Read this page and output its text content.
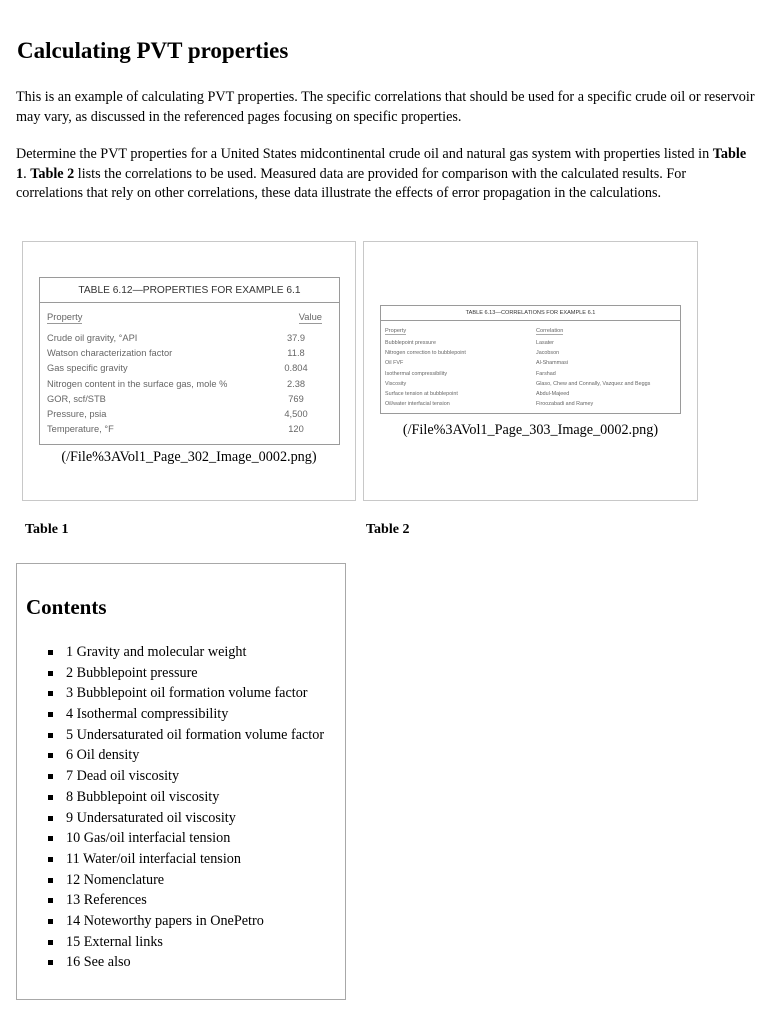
Calculating PVT properties

This is an example of calculating PVT properties. The specific correlations that should be used for a specific crude oil or reservoir may vary, as discussed in the referenced pages focusing on specific properties.

Determine the PVT properties for a United States midcontinental crude oil and natural gas system with properties listed in Table 1. Table 2 lists the correlations to be used. Measured data are provided for comparison with the calculated results. For correlations that rely on other correlations, these data illustrate the effects of error propagation in the calculations.

TABLE 6.12—PROPERTIES FOR EXAMPLE 6.1
Property	Value
Crude oil gravity, °API	37.9
Watson characterization factor	11.8
Gas specific gravity	0.804
Nitrogen content in the surface gas, mole %	2.38
GOR, scf/STB	769
Pressure, psia	4,500
Temperature, °F	120
(/File%3AVol1_Page_302_Image_0002.png)
TABLE 6.13—CORRELATIONS FOR EXAMPLE 6.1
Property	Correlation
Bubblepoint pressure	Lasater
Nitrogen correction to bubblepoint	Jacobson
Oil FVF	Al-Shammasi
Isothermal compressibility	Farshad
Viscosity	Glaso, Chew and Connally, Vazquez and Beggs
Surface tension at bubblepoint	Abdul-Majeed
Oil/water interfacial tension	Firoozabadi and Ramey
(/File%3AVol1_Page_303_Image_0002.png)
Table 1	Table 2
Contents
1 Gravity and molecular weight
2 Bubblepoint pressure
3 Bubblepoint oil formation volume factor
4 Isothermal compressibility
5 Undersaturated oil formation volume factor
6 Oil density
7 Dead oil viscosity
8 Bubblepoint oil viscosity
9 Undersaturated oil viscosity
10 Gas/oil interfacial tension
11 Water/oil interfacial tension
12 Nomenclature
13 References
14 Noteworthy papers in OnePetro
15 External links
16 See also
